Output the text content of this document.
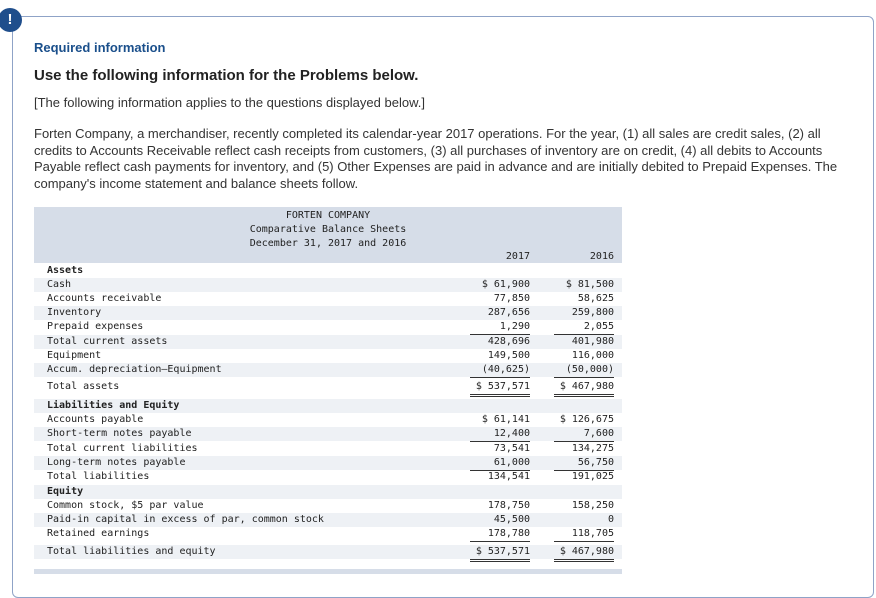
!
Required information
Use the following information for the Problems below.
[The following information applies to the questions displayed below.]
Forten Company, a merchandiser, recently completed its calendar-year 2017 operations. For the year, (1) all sales are credit sales, (2) all credits to Accounts Receivable reflect cash receipts from customers, (3) all purchases of inventory are on credit, (4) all debits to Accounts Payable reflect cash payments for inventory, and (5) Other Expenses are paid in advance and are initially debited to Prepaid Expenses. The company's income statement and balance sheets follow.
FORTEN COMPANY
Comparative Balance Sheets
December 31, 2017 and 2016
2017	2016
Assets
Cash	$ 61,900	$ 81,500
Accounts receivable	77,850	58,625
Inventory	287,656	259,800
Prepaid expenses	1,290	2,055
Total current assets	428,696	401,980
Equipment	149,500	116,000
Accum. depreciation—Equipment	(40,625)	(50,000)
Total assets	$ 537,571	$ 467,980
Liabilities and Equity
Accounts payable	$ 61,141	$ 126,675
Short-term notes payable	12,400	7,600
Total current liabilities	73,541	134,275
Long-term notes payable	61,000	56,750
Total liabilities	134,541	191,025
Equity
Common stock, $5 par value	178,750	158,250
Paid-in capital in excess of par, common stock	45,500	0
Retained earnings	178,780	118,705
Total liabilities and equity	$ 537,571	$ 467,980
